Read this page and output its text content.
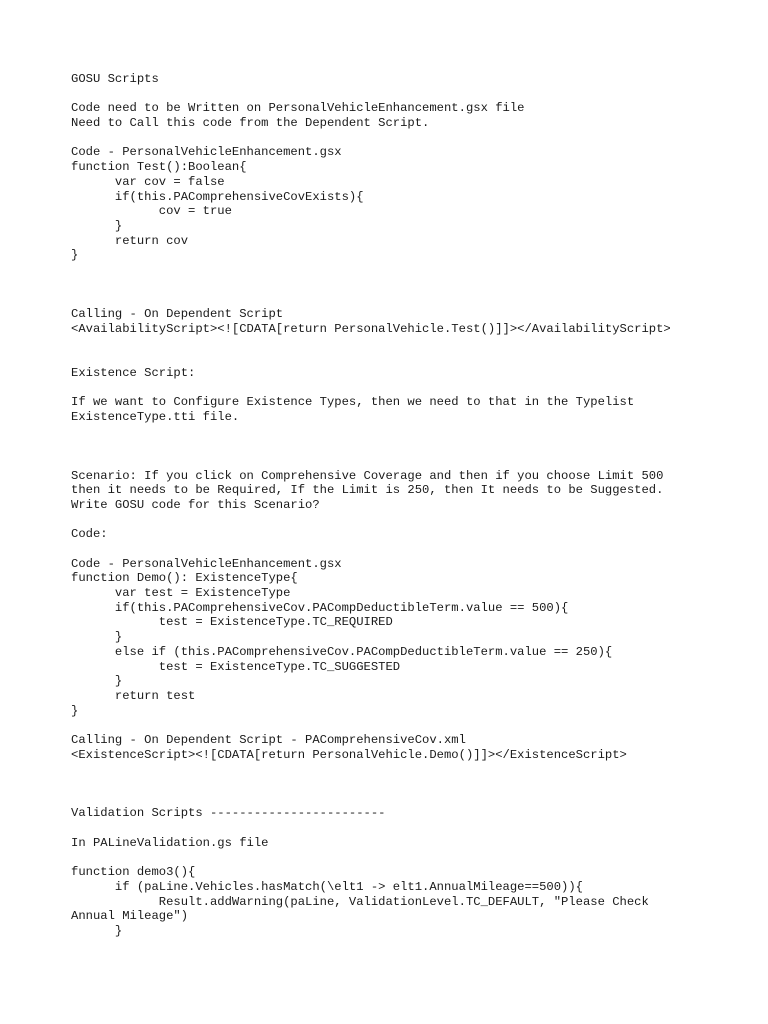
GOSU Scripts
Code need to be Written on PersonalVehicleEnhancement.gsx file
Need to Call this code from the Dependent Script.
Code - PersonalVehicleEnhancement.gsx
function Test():Boolean{
var cov = false
if(this.PAComprehensiveCovExists){
cov = true
}
return cov
}
Calling - On Dependent Script
<AvailabilityScript><![CDATA[return PersonalVehicle.Test()]]></AvailabilityScript>
Existence Script:
If we want to Configure Existence Types, then we need to that in the Typelist
ExistenceType.tti file.
Scenario: If you click on Comprehensive Coverage and then if you choose Limit 500
then it needs to be Required, If the Limit is 250, then It needs to be Suggested.
Write GOSU code for this Scenario?
Code:
Code - PersonalVehicleEnhancement.gsx
function Demo(): ExistenceType{
var test = ExistenceType
if(this.PAComprehensiveCov.PACompDeductibleTerm.value == 500){
test = ExistenceType.TC_REQUIRED
}
else if (this.PAComprehensiveCov.PACompDeductibleTerm.value == 250){
test = ExistenceType.TC_SUGGESTED
}
return test
}
Calling - On Dependent Script - PAComprehensiveCov.xml
<ExistenceScript><![CDATA[return PersonalVehicle.Demo()]]></ExistenceScript>
Validation Scripts ------------------------
In PALineValidation.gs file
function demo3(){
if (paLine.Vehicles.hasMatch(\elt1 -> elt1.AnnualMileage==500)){
Result.addWarning(paLine, ValidationLevel.TC_DEFAULT, "Please Check
Annual Mileage")
}
